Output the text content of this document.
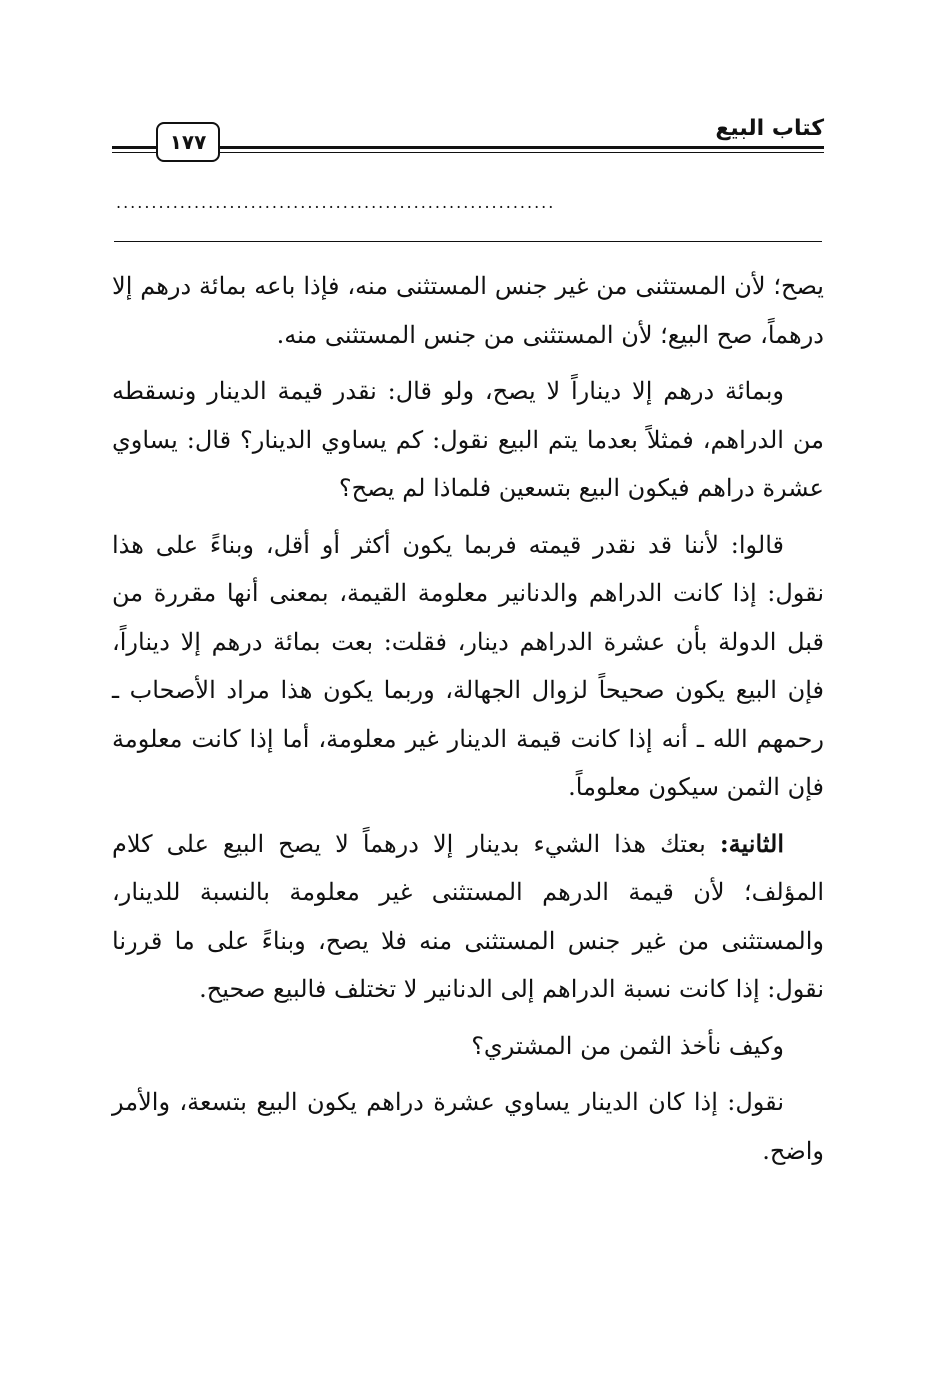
كتاب البيع
١٧٧
..............................................................

يصح؛ لأن المستثنى من غير جنس المستثنى منه، فإذا باعه بمائة درهم إلا درهماً، صح البيع؛ لأن المستثنى من جنس المستثنى منه.

وبمائة درهم إلا ديناراً لا يصح، ولو قال: نقدر قيمة الدينار ونسقطه من الدراهم، فمثلاً بعدما يتم البيع نقول: كم يساوي الدينار؟ قال: يساوي عشرة دراهم فيكون البيع بتسعين فلماذا لم يصح؟

قالوا: لأننا قد نقدر قيمته فربما يكون أكثر أو أقل، وبناءً على هذا نقول: إذا كانت الدراهم والدنانير معلومة القيمة، بمعنى أنها مقررة من قبل الدولة بأن عشرة الدراهم دينار، فقلت: بعت بمائة درهم إلا ديناراً، فإن البيع يكون صحيحاً لزوال الجهالة، وربما يكون هذا مراد الأصحاب ـ رحمهم الله ـ أنه إذا كانت قيمة الدينار غير معلومة، أما إذا كانت معلومة فإن الثمن سيكون معلوماً.

الثانية: بعتك هذا الشيء بدينار إلا درهماً لا يصح البيع على كلام المؤلف؛ لأن قيمة الدرهم المستثنى غير معلومة بالنسبة للدينار، والمستثنى من غير جنس المستثنى منه فلا يصح، وبناءً على ما قررنا نقول: إذا كانت نسبة الدراهم إلى الدنانير لا تختلف فالبيع صحيح.

وكيف نأخذ الثمن من المشتري؟

نقول: إذا كان الدينار يساوي عشرة دراهم يكون البيع بتسعة، والأمر واضح.
